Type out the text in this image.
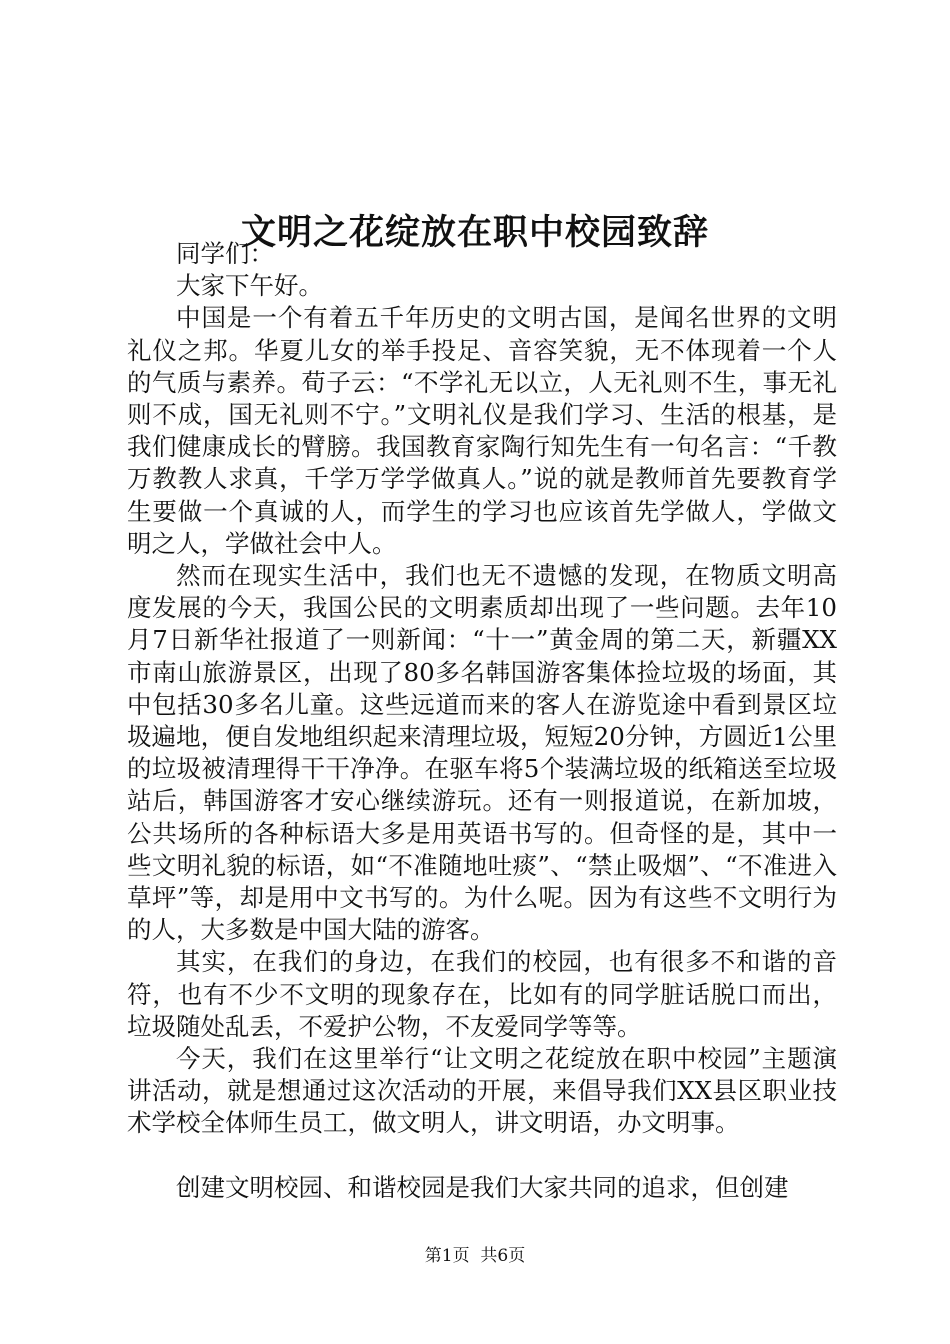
文明之花绽放在职中校园致辞

同学们：

大家下午好。

中国是一个有着五千年历史的文明古国，是闻名世界的文明礼仪之邦。华夏儿女的举手投足、音容笑貌，无不体现着一个人的气质与素养。荀子云：“不学礼无以立，人无礼则不生，事无礼则不成，国无礼则不宁。”文明礼仪是我们学习、生活的根基，是我们健康成长的臂膀。我国教育家陶行知先生有一句名言：“千教万教教人求真，千学万学学做真人。”说的就是教师首先要教育学生要做一个真诚的人，而学生的学习也应该首先学做人，学做文明之人，学做社会中人。

然而在现实生活中，我们也无不遗憾的发现，在物质文明高度发展的今天，我国公民的文明素质却出现了一些问题。去年10月7日新华社报道了一则新闻：“十一”黄金周的第二天，新疆XX市南山旅游景区，出现了80多名韩国游客集体捡垃圾的场面，其中包括30多名儿童。这些远道而来的客人在游览途中看到景区垃圾遍地，便自发地组织起来清理垃圾，短短20分钟，方圆近1公里的垃圾被清理得干干净净。在驱车将5个装满垃圾的纸箱送至垃圾站后，韩国游客才安心继续游玩。还有一则报道说，在新加坡，公共场所的各种标语大多是用英语书写的。但奇怪的是，其中一些文明礼貌的标语，如“不准随地吐痰”、“禁止吸烟”、“不准进入草坪”等，却是用中文书写的。为什么呢。因为有这些不文明行为的人，大多数是中国大陆的游客。

其实，在我们的身边，在我们的校园，也有很多不和谐的音符，也有不少不文明的现象存在，比如有的同学脏话脱口而出，垃圾随处乱丢，不爱护公物，不友爱同学等等。

今天，我们在这里举行“让文明之花绽放在职中校园”主题演讲活动，就是想通过这次活动的开展，来倡导我们XX县区职业技术学校全体师生员工，做文明人，讲文明语，办文明事。

创建文明校园、和谐校园是我们大家共同的追求，但创建

第1页  共6页
